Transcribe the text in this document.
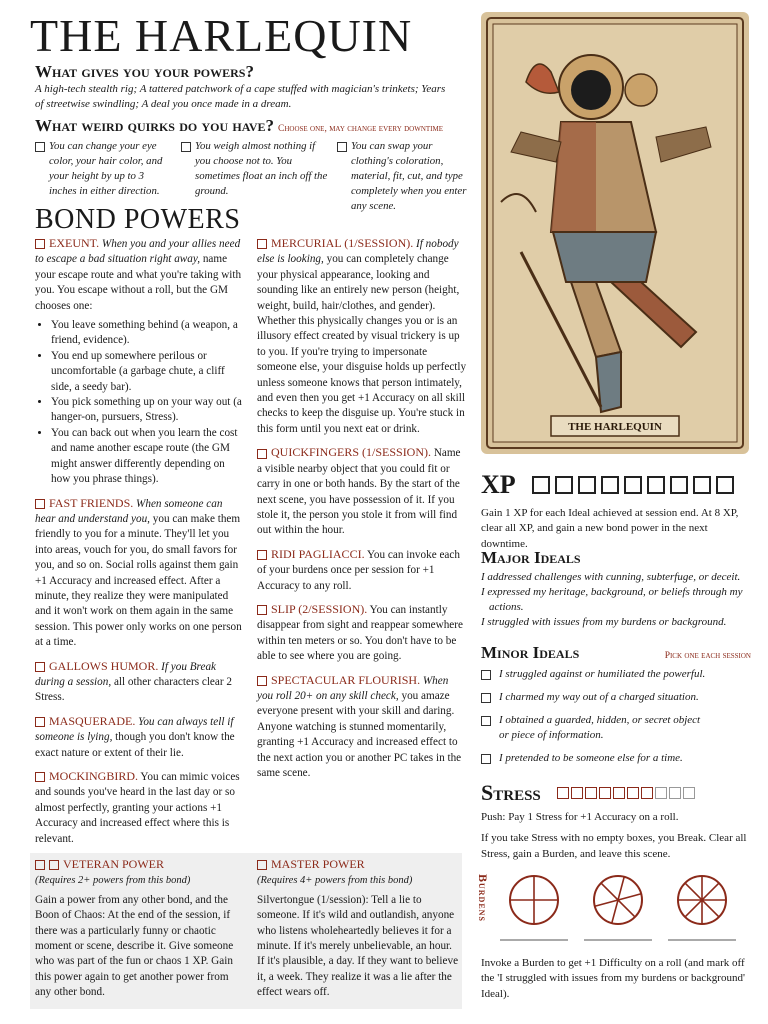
THE HARLEQUIN
What gives you your powers?
A high-tech stealth rig; A tattered patchwork of a cape stuffed with magician's trinkets; Years of streetwise swindling; A deal you once made in a dream.
What weird quirks do you have? Choose one, may change every downtime
You can change your eye color, your hair color, and your height by up to 3 inches in either direction.
You weigh almost nothing if you choose not to. You sometimes float an inch off the ground.
You can swap your clothing's coloration, material, fit, cut, and type completely when you enter any scene.
BOND POWERS
EXEUNT. When you and your allies need to escape a bad situation right away, name your escape route and what you're taking with you. You escape without a roll, but the GM chooses one:
• You leave something behind (a weapon, a friend, evidence).
• You end up somewhere perilous or uncomfortable (a garbage chute, a cliff side, a seedy bar).
• You pick something up on your way out (a hanger-on, pursuers, Stress).
• You can back out when you learn the cost and name another escape route (the GM might answer differently depending on how you phrase things).
FAST FRIENDS. When someone can hear and understand you, you can make them friendly to you for a minute. They'll let you into areas, vouch for you, do small favors for you, and so on. Social rolls against them gain +1 Accuracy and increased effect. After a minute, they realize they were manipulated and it won't work on them again in the same session. This power only works on one person at a time.
GALLOWS HUMOR. If you Break during a session, all other characters clear 2 Stress.
MASQUERADE. You can always tell if someone is lying, though you don't know the exact nature or extent of their lie.
MOCKINGBIRD. You can mimic voices and sounds you've heard in the last day or so almost perfectly, granting your actions +1 Accuracy and increased effect where this is relevant.
MERCURIAL (1/SESSION). If nobody else is looking, you can completely change your physical appearance, looking and sounding like an entirely new person (height, weight, build, hair/clothes, and gender). Whether this physically changes you or is an illusory effect created by visual trickery is up to you. If you're trying to impersonate someone else, your disguise holds up perfectly unless someone knows that person intimately, and even then you get +1 Accuracy on all skill checks to keep the disguise up. You're stuck in this form until you next eat or drink.
QUICKFINGERS (1/SESSION). Name a visible nearby object that you could fit or carry in one or both hands. By the start of the next scene, you have possession of it. If you stole it, the person you stole it from will find out within the hour.
RIDI PAGLIACCI. You can invoke each of your burdens once per session for +1 Accuracy to any roll.
SLIP (2/SESSION). You can instantly disappear from sight and reappear somewhere within ten meters or so. You don't have to be able to see where you are going.
SPECTACULAR FLOURISH. When you roll 20+ on any skill check, you amaze everyone present with your skill and daring. Anyone watching is stunned momentarily, granting +1 Accuracy and increased effect to the next action you or another PC takes in the same scene.
VETERAN POWER
(Requires 2+ powers from this bond)
Gain a power from any other bond, and the Boon of Chaos: At the end of the session, if there was a particularly funny or chaotic moment or scene, describe it. Give someone who was part of the fun or chaos 1 XP. Gain this power again to get another power from any other bond.
MASTER POWER
(Requires 4+ powers from this bond)
Silvertongue (1/session): Tell a lie to someone. If it's wild and outlandish, anyone who listens wholeheartedly believes it for a minute. If it's merely unbelievable, an hour. If it's plausible, a day. If they want to believe it, a week. They realize it was a lie after the effect wears off.
THE HARLEQUIN
XP
Gain 1 XP for each Ideal achieved at session end. At 8 XP, clear all XP, and gain a new bond power in the next downtime.
Major Ideals
I addressed challenges with cunning, subterfuge, or deceit.
I expressed my heritage, background, or beliefs through my actions.
I struggled with issues from my burdens or background.
Minor Ideals	Pick one each session
I struggled against or humiliated the powerful.
I charmed my way out of a charged situation.
I obtained a guarded, hidden, or secret object or piece of information.
I pretended to be someone else for a time.
Stress
Push: Pay 1 Stress for +1 Accuracy on a roll.
If you take Stress with no empty boxes, you Break. Clear all Stress, gain a Burden, and leave this scene.
Burdens
Invoke a Burden to get +1 Difficulty on a roll (and mark off the 'I struggled with issues from my burdens or background' Ideal).
